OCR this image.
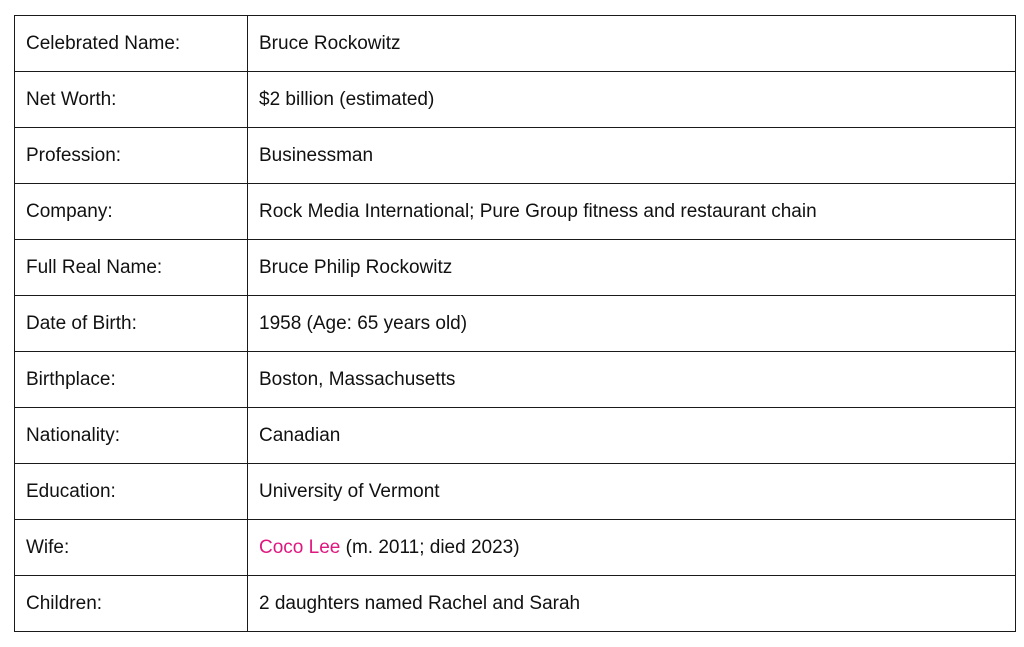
Celebrated Name:	Bruce Rockowitz
Net Worth:	$2 billion (estimated)
Profession:	Businessman
Company:	Rock Media International; Pure Group fitness and restaurant chain
Full Real Name:	Bruce Philip Rockowitz
Date of Birth:	1958 (Age: 65 years old)
Birthplace:	Boston, Massachusetts
Nationality:	Canadian
Education:	University of Vermont
Wife:	Coco Lee (m. 2011; died 2023)
Children:	2 daughters named Rachel and Sarah
